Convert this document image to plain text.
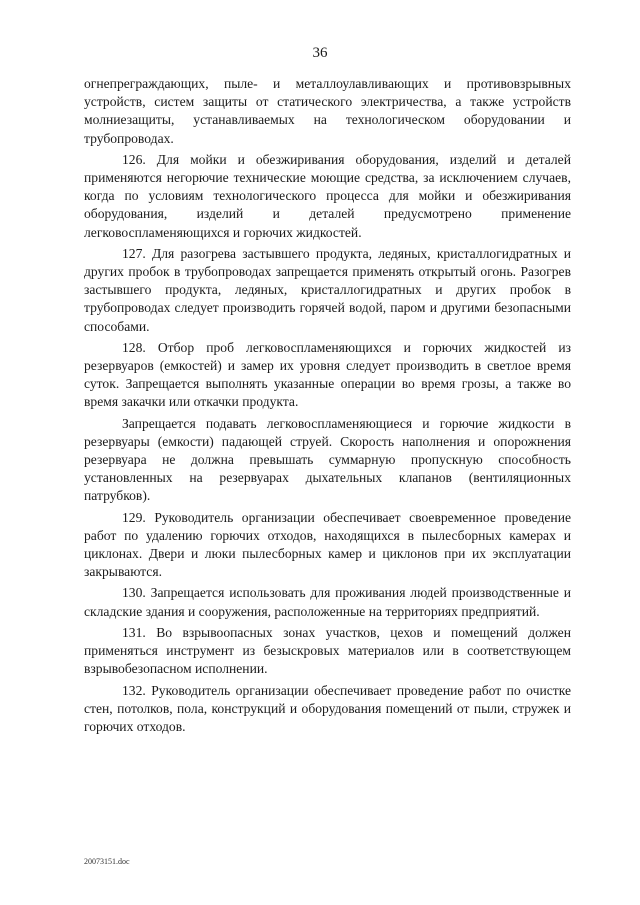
36

огнепреграждающих, пыле- и металлоулавливающих и противовзрывных устройств, систем защиты от статического электричества, а также устройств молниезащиты, устанавливаемых на технологическом оборудовании и трубопроводах.

126. Для мойки и обезжиривания оборудования, изделий и деталей применяются негорючие технические моющие средства, за исключением случаев, когда по условиям технологического процесса для мойки и обезжиривания оборудования, изделий и деталей предусмотрено применение легковоспламеняющихся и горючих жидкостей.

127. Для разогрева застывшего продукта, ледяных, кристаллогидратных и других пробок в трубопроводах запрещается применять открытый огонь. Разогрев застывшего продукта, ледяных, кристаллогидратных и других пробок в трубопроводах следует производить горячей водой, паром и другими безопасными способами.

128. Отбор проб легковоспламеняющихся и горючих жидкостей из резервуаров (емкостей) и замер их уровня следует производить в светлое время суток. Запрещается выполнять указанные операции во время грозы, а также во время закачки или откачки продукта.

Запрещается подавать легковоспламеняющиеся и горючие жидкости в резервуары (емкости) падающей струей. Скорость наполнения и опорожнения резервуара не должна превышать суммарную пропускную способность установленных на резервуарах дыхательных клапанов (вентиляционных патрубков).

129. Руководитель организации обеспечивает своевременное проведение работ по удалению горючих отходов, находящихся в пылесборных камерах и циклонах. Двери и люки пылесборных камер и циклонов при их эксплуатации закрываются.

130. Запрещается использовать для проживания людей производственные и складские здания и сооружения, расположенные на территориях предприятий.

131. Во взрывоопасных зонах участков, цехов и помещений должен применяться инструмент из безыскровых материалов или в соответствующем взрывобезопасном исполнении.

132. Руководитель организации обеспечивает проведение работ по очистке стен, потолков, пола, конструкций и оборудования помещений от пыли, стружек и горючих отходов.

20073151.doc
